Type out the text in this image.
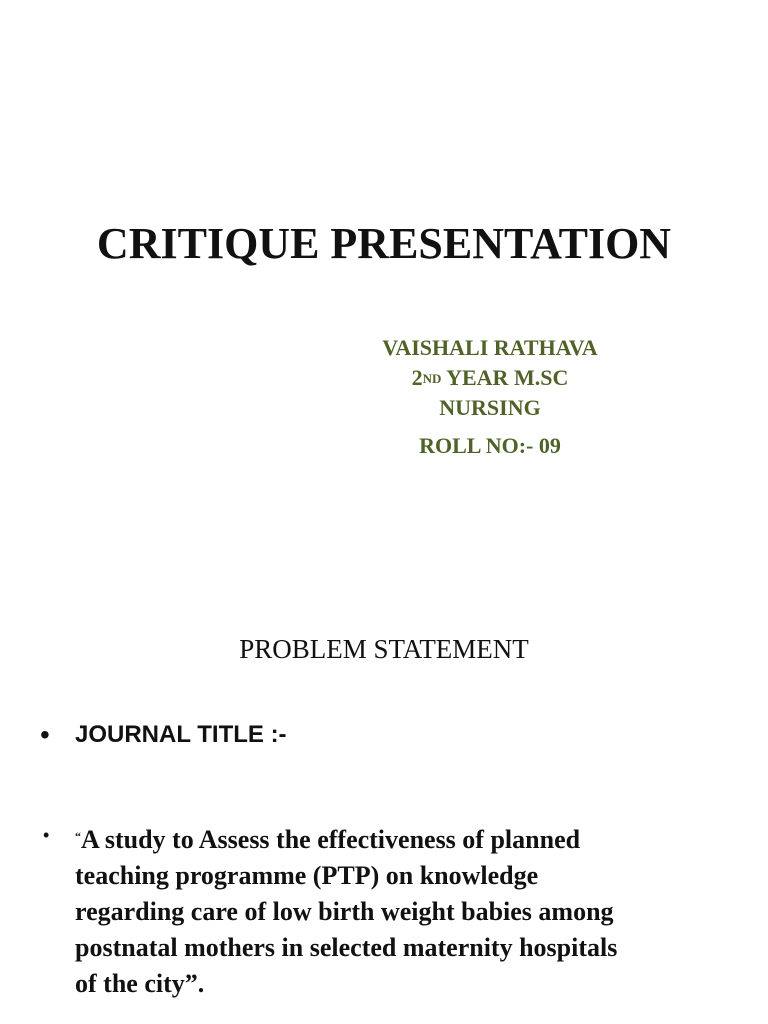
CRITIQUE PRESENTATION
VAISHALI RATHAVA
2ND YEAR M.SC
NURSING
ROLL NO:- 09
PROBLEM STATEMENT
• JOURNAL TITLE :-
• “A study to Assess the effectiveness of planned
teaching programme (PTP) on knowledge
regarding care of low birth weight babies among
postnatal mothers in selected maternity hospitals
of the city”.
